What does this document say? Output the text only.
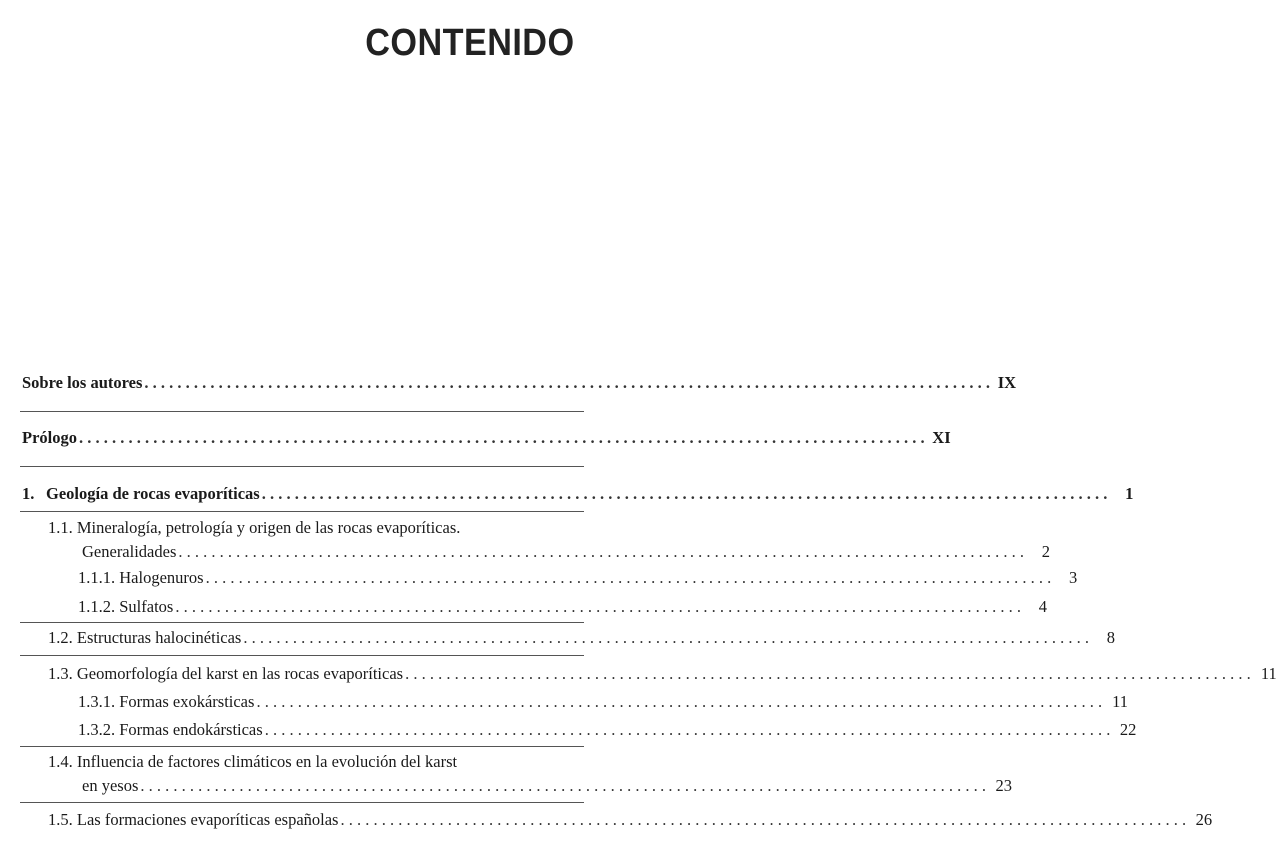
CONTENIDO
Sobre los autores . . .	IX
Prólogo . . .	XI
1. Geología de rocas evaporíticas . . .	1
1.1. Mineralogía, petrología y origen de las rocas evaporíticas.
Generalidades . . .	2
1.1.1. Halogenuros . . .	3
1.1.2. Sulfatos . . .	4
1.2. Estructuras halocinéticas . . .	8
1.3. Geomorfología del karst en las rocas evaporíticas . . .	11
1.3.1. Formas exokársticas . . .	11
1.3.2. Formas endokársticas . . .	22
1.4. Influencia de factores climáticos en la evolución del karst
en yesos . . .	23
1.5. Las formaciones evaporíticas españolas . . .	26
